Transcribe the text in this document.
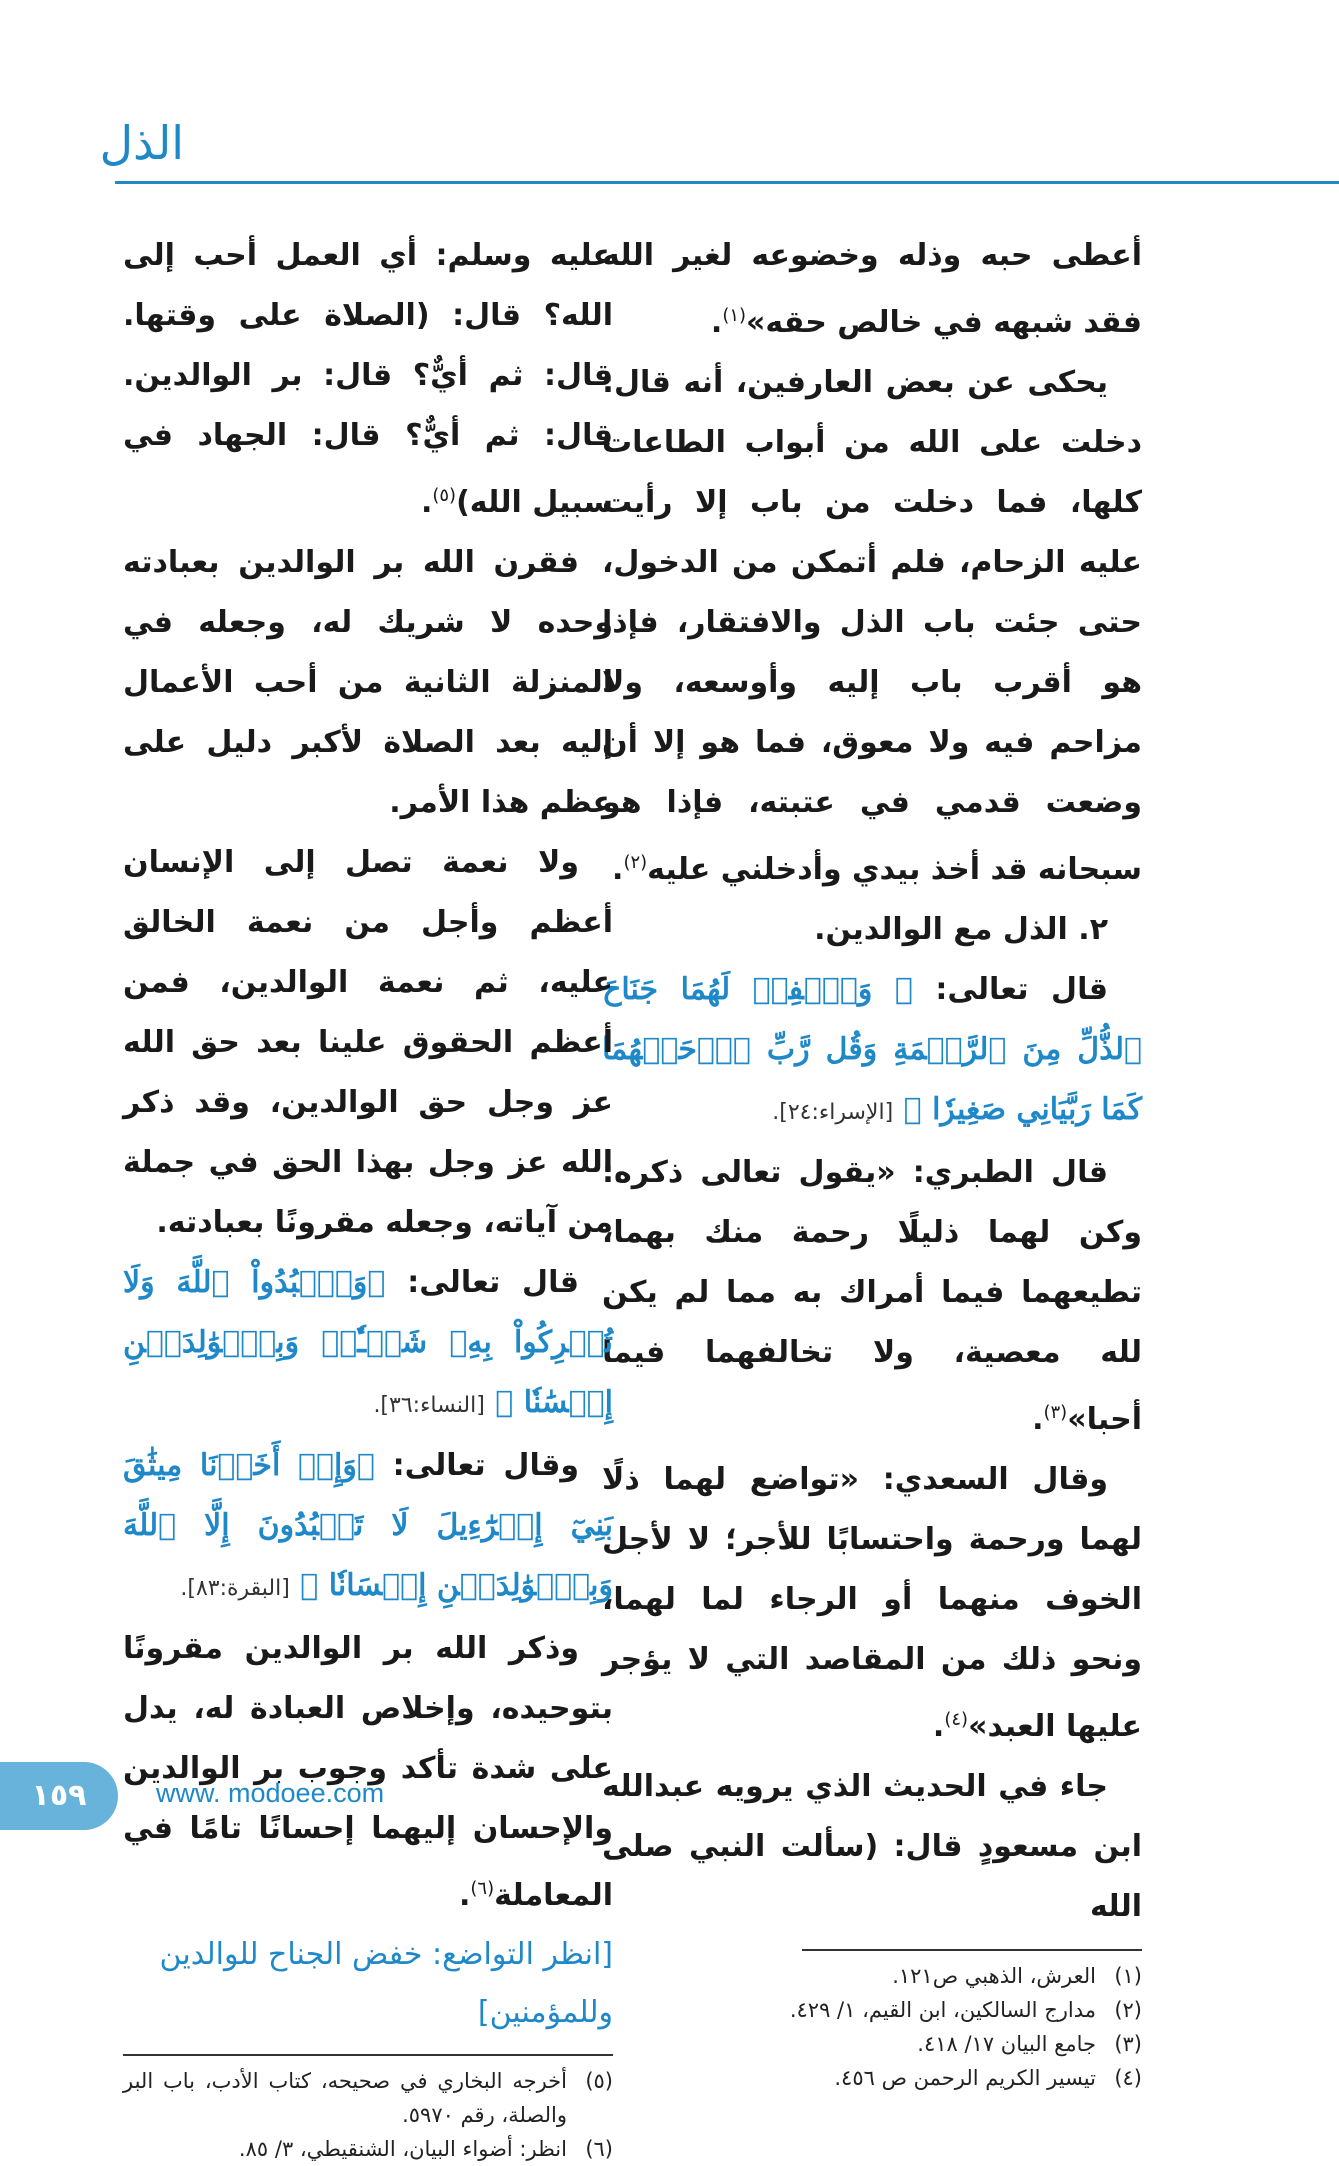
الذل

أعطى حبه وذله وخضوعه لغير الله فقد شبهه في خالص حقه»$^{(١)}$.

يحكى عن بعض العارفين، أنه قال: دخلت على الله من أبواب الطاعات كلها، فما دخلت من باب إلا رأيت عليه الزحام، فلم أتمكن من الدخول، حتى جئت باب الذل والافتقار، فإذا هو أقرب باب إليه وأوسعه، ولا مزاحم فيه ولا معوق، فما هو إلا أن وضعت قدمي في عتبته، فإذا هو سبحانه قد أخذ بيدي وأدخلني عليه$^{(٢)}$.

٢. الذل مع الوالدين.

قال تعالى: ﴿ وَٱخۡفِضۡ لَهُمَا جَنَاحَ ٱلذُّلِّ مِنَ ٱلرَّحۡمَةِ وَقُل رَّبِّ ٱرۡحَمۡهُمَا كَمَا رَبَّيَانِي صَغِيرٗا ﴾ [الإسراء:٢٤].

قال الطبري: «يقول تعالى ذكره: وكن لهما ذليلًا رحمة منك بهما، تطيعهما فيما أمراك به مما لم يكن لله معصية، ولا تخالفهما فيما أحبا»$^{(٣)}$.

وقال السعدي: «تواضع لهما ذلًا لهما ورحمة واحتسابًا للأجر؛ لا لأجل الخوف منهما أو الرجاء لما لهما، ونحو ذلك من المقاصد التي لا يؤجر عليها العبد»$^{(٤)}$.

جاء في الحديث الذي يرويه عبدالله ابن مسعودٍ قال: (سألت النبي صلى الله

(١)العرش، الذهبي ص١٢١.
(٢)مدارج السالكين، ابن القيم، ١/ ٤٢٩.
(٣)جامع البيان ١٧/ ٤١٨.
(٤)تيسير الكريم الرحمن ص ٤٥٦.

عليه وسلم: أي العمل أحب إلى الله؟ قال: (الصلاة على وقتها. قال: ثم أيٌّ؟ قال: بر الوالدين. قال: ثم أيٌّ؟ قال: الجهاد في سبيل الله)$^{(٥)}$.

فقرن الله بر الوالدين بعبادته وحده لا شريك له، وجعله في المنزلة الثانية من أحب الأعمال إليه بعد الصلاة لأكبر دليل على عظم هذا الأمر.

ولا نعمة تصل إلى الإنسان أعظم وأجل من نعمة الخالق عليه، ثم نعمة الوالدين، فمن أعظم الحقوق علينا بعد حق الله عز وجل حق الوالدين، وقد ذكر الله عز وجل بهذا الحق في جملة من آياته، وجعله مقرونًا بعبادته.

قال تعالى: ﴿وَٱعۡبُدُواْ ٱللَّهَ وَلَا تُشۡرِكُواْ بِهِۦ شَيۡـٔٗاۖ وَبِٱلۡوَٰلِدَيۡنِ إِحۡسَٰنٗا ﴾ [النساء:٣٦].

وقال تعالى: ﴿وَإِذۡ أَخَذۡنَا مِيثَٰقَ بَنِيٓ إِسۡرَٰٓءِيلَ لَا تَعۡبُدُونَ إِلَّا ٱللَّهَ وَبِٱلۡوَٰلِدَيۡنِ إِحۡسَانٗا ﴾ [البقرة:٨٣].

وذكر الله بر الوالدين مقرونًا بتوحيده، وإخلاص العبادة له، يدل على شدة تأكد وجوب بر الوالدين والإحسان إليهما إحسانًا تامًا في المعاملة$^{(٦)}$.

[انظر التواضع: خفض الجناح للوالدين وللمؤمنين]

(٥)أخرجه البخاري في صحيحه، كتاب الأدب، باب البر والصلة، رقم ٥٩٧٠.
(٦)انظر: أضواء البيان، الشنقيطي، ٣/ ٨٥.
١٥٩	www. modoee.com
